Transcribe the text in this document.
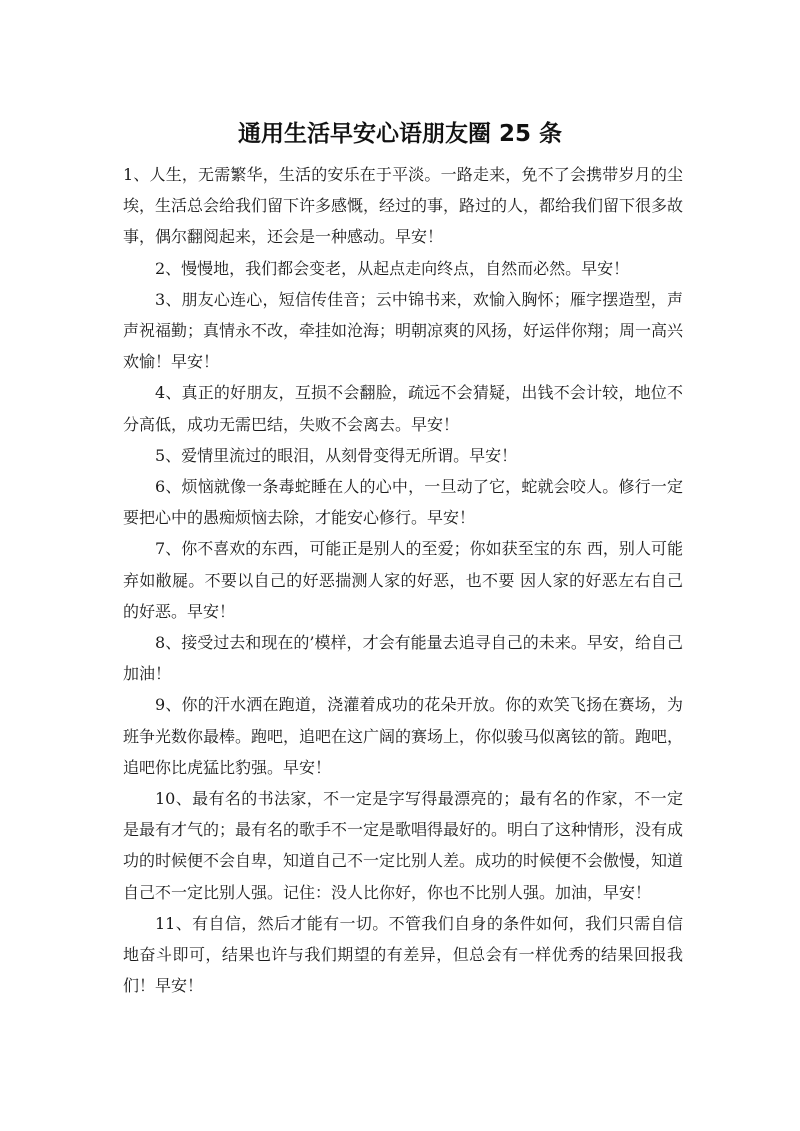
通用生活早安心语朋友圈 25 条

1、人生，无需繁华，生活的安乐在于平淡。一路走来，免不了会携带岁月的尘埃，生活总会给我们留下许多感慨，经过的事，路过的人，都给我们留下很多故事，偶尔翻阅起来，还会是一种感动。早安！

2、慢慢地，我们都会变老，从起点走向终点，自然而必然。早安！

3、朋友心连心，短信传佳音；云中锦书来，欢愉入胸怀；雁字摆造型，声声祝福勤；真情永不改，牵挂如沧海；明朝凉爽的风扬，好运伴你翔；周一高兴欢愉！早安！

4、真正的好朋友，互损不会翻脸，疏远不会猜疑，出钱不会计较，地位不分高低，成功无需巴结，失败不会离去。早安！

5、爱情里流过的眼泪，从刻骨变得无所谓。早安！

6、烦恼就像一条毒蛇睡在人的心中，一旦动了它，蛇就会咬人。修行一定要把心中的愚痴烦恼去除，才能安心修行。早安！

7、你不喜欢的东西，可能正是别人的至爱；你如获至宝的东 西，别人可能弃如敝屣。不要以自己的好恶揣测人家的好恶，也不要 因人家的好恶左右自己的好恶。早安！

8、接受过去和现在的’模样，才会有能量去追寻自己的未来。早安，给自己加油！

9、你的汗水洒在跑道，浇灌着成功的花朵开放。你的欢笑飞扬在赛场，为班争光数你最棒。跑吧，追吧在这广阔的赛场上，你似骏马似离铉的箭。跑吧，追吧你比虎猛比豹强。早安！

10、最有名的书法家，不一定是字写得最漂亮的；最有名的作家，不一定是最有才气的；最有名的歌手不一定是歌唱得最好的。明白了这种情形，没有成功的时候便不会自卑，知道自己不一定比别人差。成功的时候便不会傲慢，知道自己不一定比别人强。记住：没人比你好，你也不比别人强。加油，早安！

11、有自信，然后才能有一切。不管我们自身的条件如何，我们只需自信地奋斗即可，结果也许与我们期望的有差异，但总会有一样优秀的结果回报我们！早安！
